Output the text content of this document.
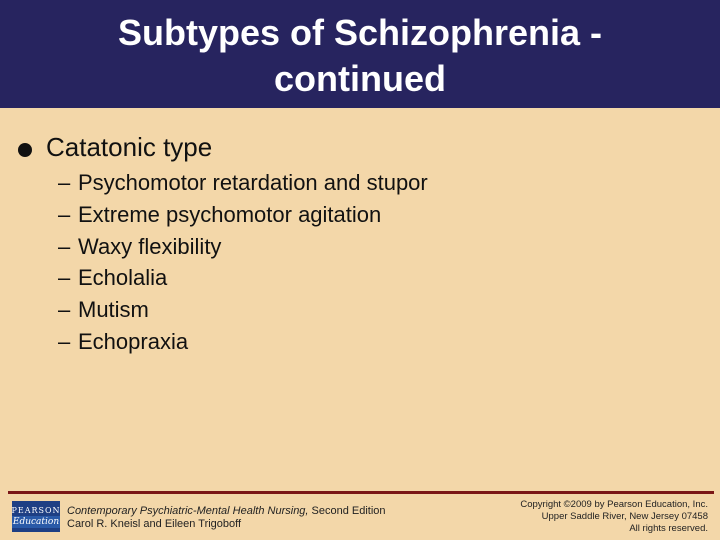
Subtypes of Schizophrenia -
continued
Catatonic type
– Psychomotor retardation and stupor
– Extreme psychomotor agitation
– Waxy flexibility
– Echolalia
– Mutism
– Echopraxia
PEARSON
Education
Contemporary Psychiatric-Mental Health Nursing, Second Edition
Carol R. Kneisl and Eileen Trigoboff
Copyright ©2009 by Pearson Education, Inc.
Upper Saddle River, New Jersey 07458
All rights reserved.
